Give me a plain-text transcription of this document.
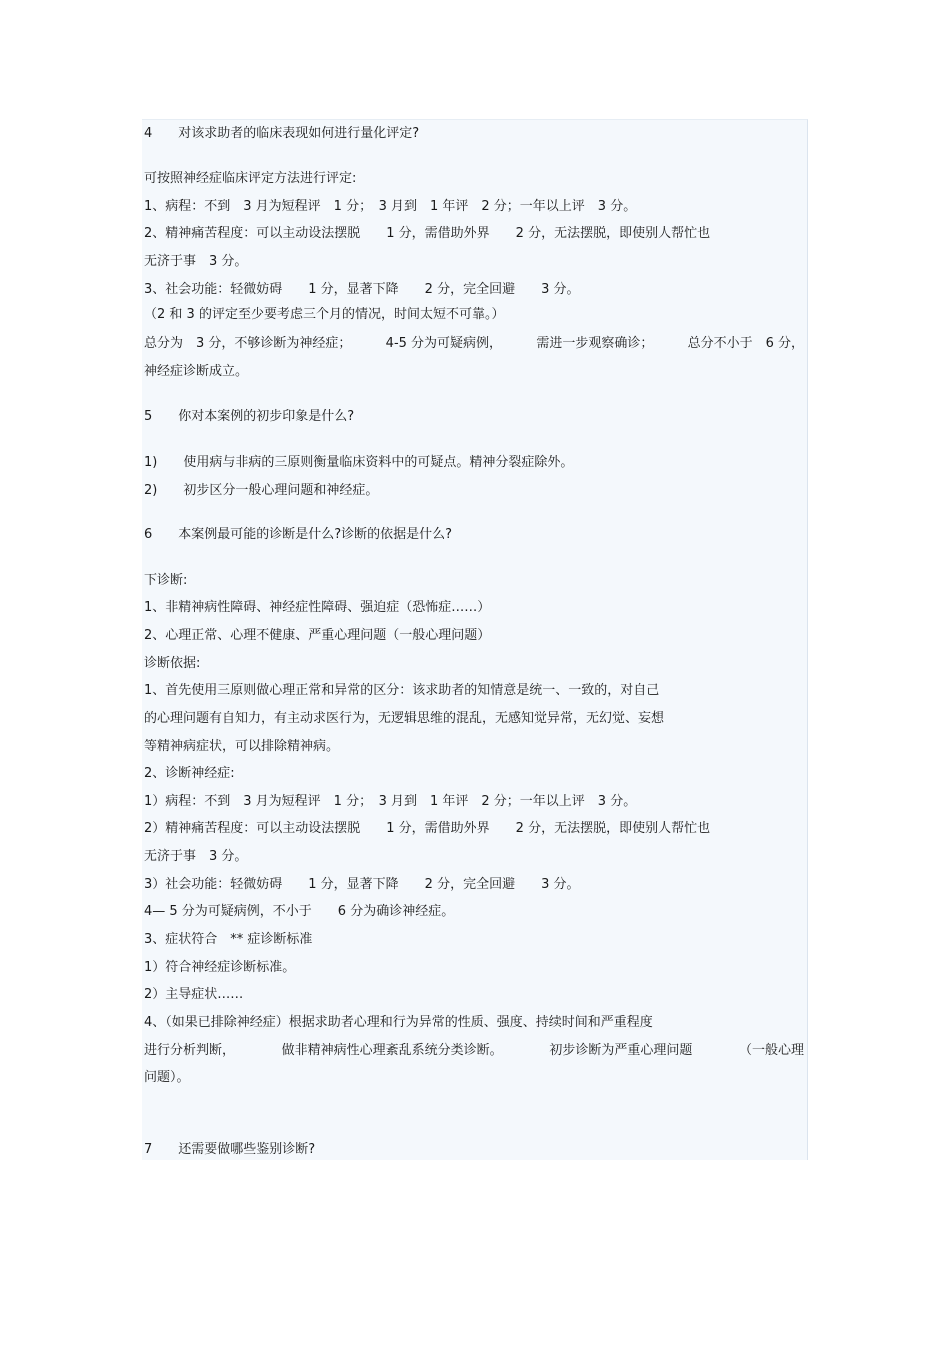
4　　对该求助者的临床表现如何进行量化评定?
可按照神经症临床评定方法进行评定:
1、病程：不到　3 月为短程评　1 分；　3 月到　1 年评　2 分；一年以上评　3 分。
2、精神痛苦程度：可以主动设法摆脱　　1 分，需借助外界　　2 分，无法摆脱，即使别人帮忙也
无济于事　3 分。
3、社会功能：轻微妨碍　　1 分，显著下降　　2 分，完全回避　　3 分。
（2 和 3 的评定至少要考虑三个月的情况，时间太短不可靠。）
总分为　3 分，不够诊断为神经症；	4-5 分为可疑病例，	需进一步观察确诊；	总分不小于　6 分，
神经症诊断成立。
5　　你对本案例的初步印象是什么?
1)　　使用病与非病的三原则衡量临床资料中的可疑点。精神分裂症除外。
2)　　初步区分一般心理问题和神经症。
6　　本案例最可能的诊断是什么?诊断的依据是什么?
下诊断:
1、非精神病性障碍、神经症性障碍、强迫症（恐怖症……）
2、心理正常、心理不健康、严重心理问题（一般心理问题）
诊断依据:
1、首先使用三原则做心理正常和异常的区分：该求助者的知情意是统一、一致的，对自己
的心理问题有自知力，有主动求医行为，无逻辑思维的混乱，无感知觉异常，无幻觉、妄想
等精神病症状，可以排除精神病。
2、诊断神经症:
1）病程：不到　3 月为短程评　1 分；　3 月到　1 年评　2 分；一年以上评　3 分。
2）精神痛苦程度：可以主动设法摆脱　　1 分，需借助外界　　2 分，无法摆脱，即使别人帮忙也
无济于事　3 分。
3）社会功能：轻微妨碍　　1 分，显著下降　　2 分，完全回避　　3 分。
4— 5 分为可疑病例，不小于　　6 分为确诊神经症。
3、症状符合　** 症诊断标准
1）符合神经症诊断标准。
2）主导症状……
4、（如果已排除神经症）根据求助者心理和行为异常的性质、强度、持续时间和严重程度
进行分析判断，	做非精神病性心理紊乱系统分类诊断。	初步诊断为严重心理问题	（一般心理
问题）。
7　　还需要做哪些鉴别诊断?
